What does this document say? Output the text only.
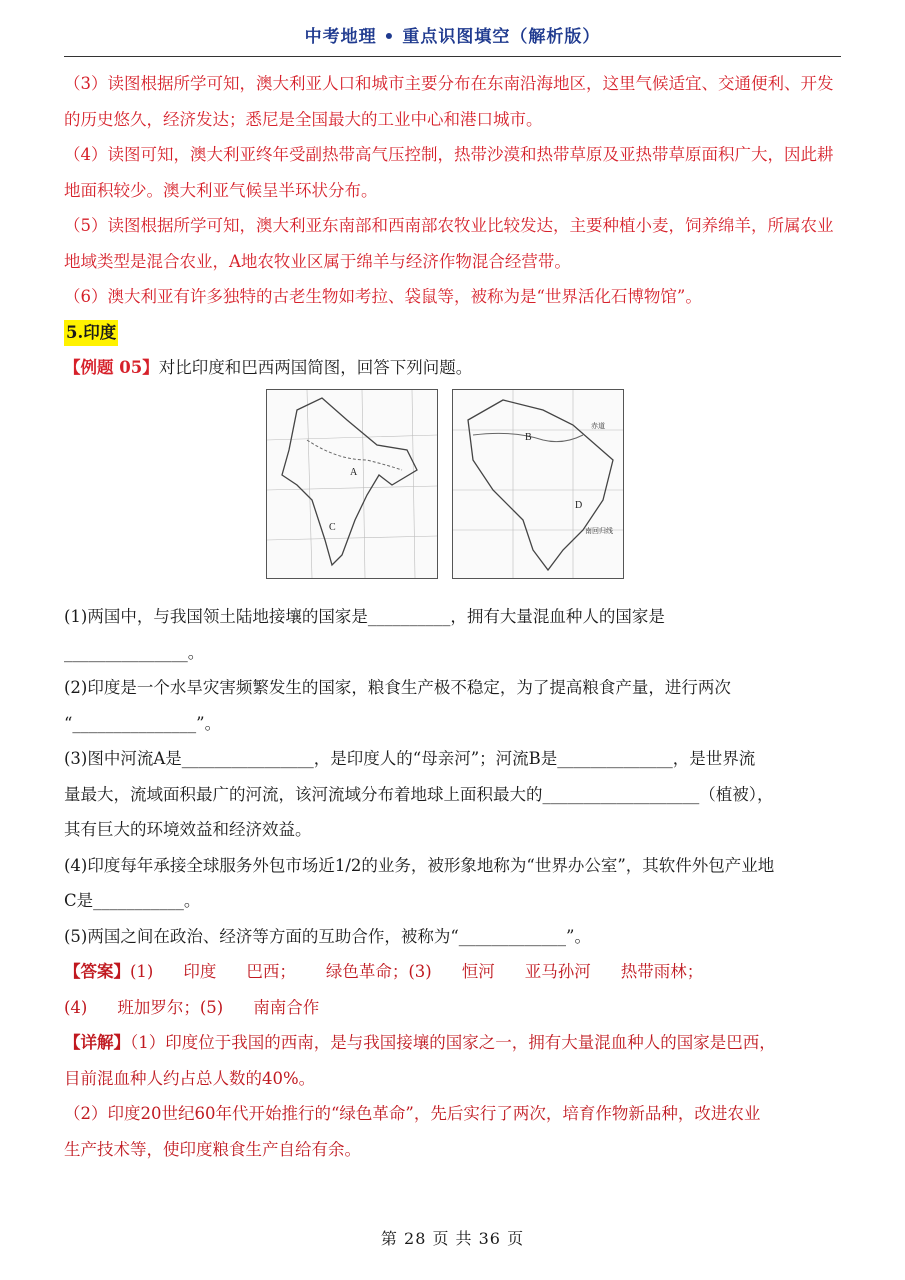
中考地理 • 重点识图填空（解析版）

（3）读图根据所学可知，澳大利亚人口和城市主要分布在东南沿海地区，这里气候适宜、交通便利、开发的历史悠久，经济发达；悉尼是全国最大的工业中心和港口城市。

（4）读图可知，澳大利亚终年受副热带高气压控制，热带沙漠和热带草原及亚热带草原面积广大，因此耕地面积较少。澳大利亚气候呈半环状分布。

（5）读图根据所学可知，澳大利亚东南部和西南部农牧业比较发达，主要种植小麦，饲养绵羊，所属农业地域类型是混合农业，A地农牧业区属于绵羊与经济作物混合经营带。

（6）澳大利亚有许多独特的古老生物如考拉、袋鼠等，被称为是“世界活化石博物馆”。

5.印度

【例题 05】对比印度和巴西两国简图，回答下列问题。

A
C
赤道
B
D
南回归线

(1)两国中，与我国领土陆地接壤的国家是__________，拥有大量混血种人的国家是

_______________。

(2)印度是一个水旱灾害频繁发生的国家，粮食生产极不稳定，为了提高粮食产量，进行两次

“_______________”。

(3)图中河流A是________________，是印度人的“母亲河”；河流B是______________，是世界流

量最大，流域面积最广的河流，该河流域分布着地球上面积最大的___________________（植被），

其有巨大的环境效益和经济效益。

(4)印度每年承接全球服务外包市场近1/2的业务，被形象地称为“世界办公室”，其软件外包产业地

C是___________。

(5)两国之间在政治、经济等方面的互助合作，被称为“_____________”。

【答案】(1) 印度 巴西； 绿色革命；(3) 恒河 亚马孙河 热带雨林；

(4) 班加罗尔；(5) 南南合作

【详解】（1）印度位于我国的西南，是与我国接壤的国家之一，拥有大量混血种人的国家是巴西，

目前混血种人约占总人数的40%。

（2）印度20世纪60年代开始推行的“绿色革命”，先后实行了两次，培育作物新品种，改进农业

生产技术等，使印度粮食生产自给有余。

第 28 页 共 36 页
